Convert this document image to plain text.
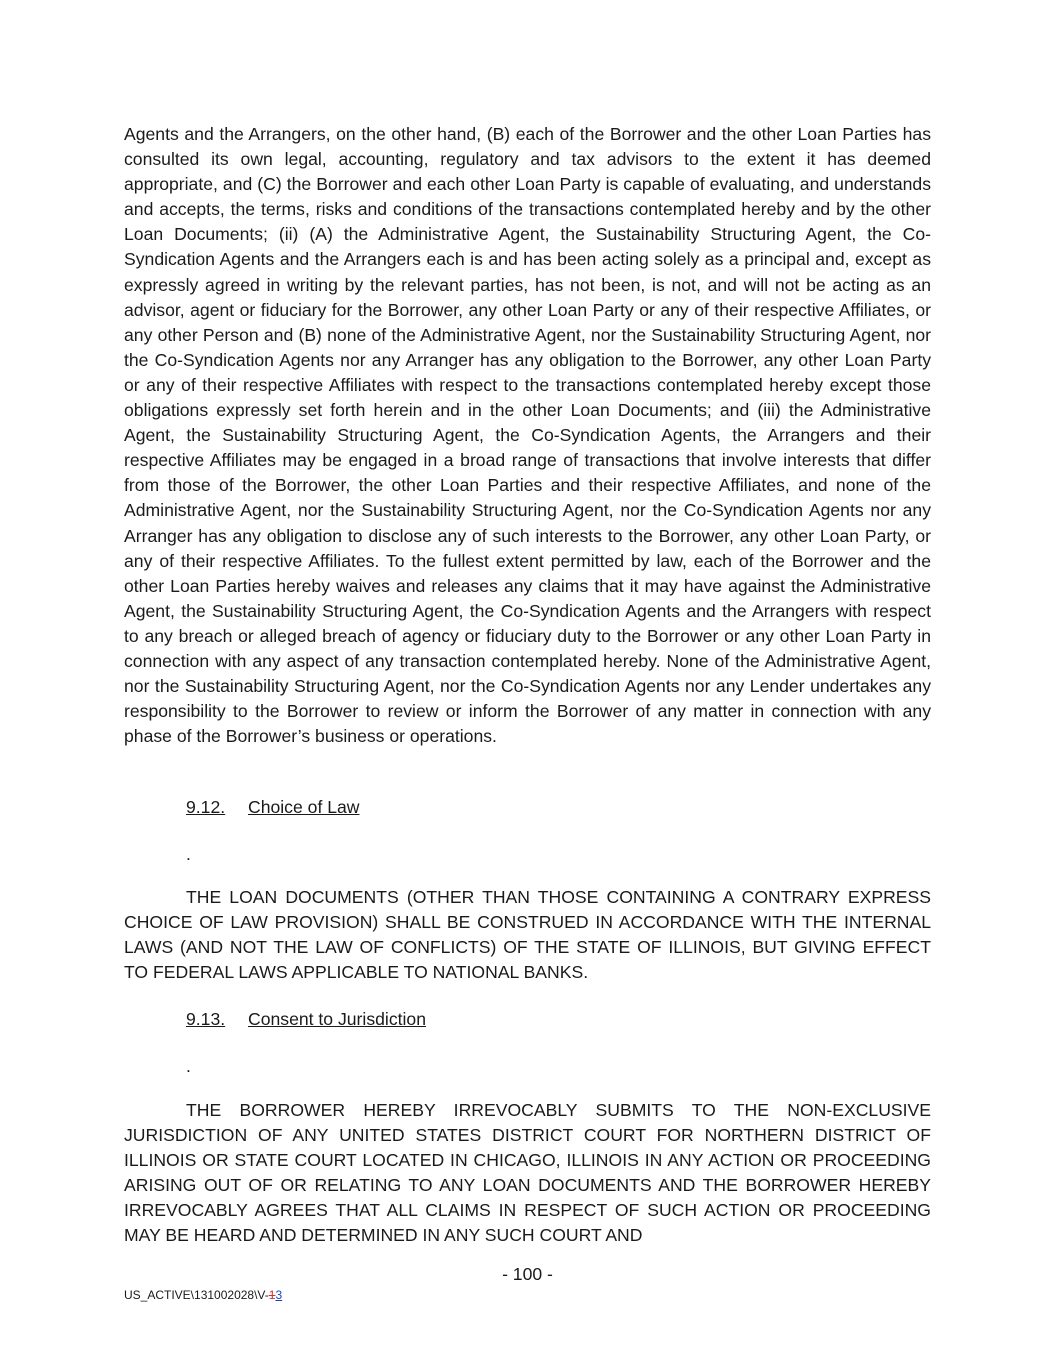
Agents and the Arrangers, on the other hand, (B) each of the Borrower and the other Loan Parties has consulted its own legal, accounting, regulatory and tax advisors to the extent it has deemed appropriate, and (C) the Borrower and each other Loan Party is capable of evaluating, and understands and accepts, the terms, risks and conditions of the transactions contemplated hereby and by the other Loan Documents; (ii) (A) the Administrative Agent, the Sustainability Structuring Agent, the Co-Syndication Agents and the Arrangers each is and has been acting solely as a principal and, except as expressly agreed in writing by the relevant parties, has not been, is not, and will not be acting as an advisor, agent or fiduciary for the Borrower, any other Loan Party or any of their respective Affiliates, or any other Person and (B) none of the Administrative Agent, nor the Sustainability Structuring Agent, nor the Co-Syndication Agents nor any Arranger has any obligation to the Borrower, any other Loan Party or any of their respective Affiliates with respect to the transactions contemplated hereby except those obligations expressly set forth herein and in the other Loan Documents; and (iii) the Administrative Agent, the Sustainability Structuring Agent, the Co-Syndication Agents, the Arrangers and their respective Affiliates may be engaged in a broad range of transactions that involve interests that differ from those of the Borrower, the other Loan Parties and their respective Affiliates, and none of the Administrative Agent, nor the Sustainability Structuring Agent, nor the Co-Syndication Agents nor any Arranger has any obligation to disclose any of such interests to the Borrower, any other Loan Party, or any of their respective Affiliates. To the fullest extent permitted by law, each of the Borrower and the other Loan Parties hereby waives and releases any claims that it may have against the Administrative Agent, the Sustainability Structuring Agent, the Co-Syndication Agents and the Arrangers with respect to any breach or alleged breach of agency or fiduciary duty to the Borrower or any other Loan Party in connection with any aspect of any transaction contemplated hereby. None of the Administrative Agent, nor the Sustainability Structuring Agent, nor the Co-Syndication Agents nor any Lender undertakes any responsibility to the Borrower to review or inform the Borrower of any matter in connection with any phase of the Borrower’s business or operations.

9.12. Choice of Law
.

THE LOAN DOCUMENTS (OTHER THAN THOSE CONTAINING A CONTRARY EXPRESS CHOICE OF LAW PROVISION) SHALL BE CONSTRUED IN ACCORDANCE WITH THE INTERNAL LAWS (AND NOT THE LAW OF CONFLICTS) OF THE STATE OF ILLINOIS, BUT GIVING EFFECT TO FEDERAL LAWS APPLICABLE TO NATIONAL BANKS.

9.13. Consent to Jurisdiction
.

THE BORROWER HEREBY IRREVOCABLY SUBMITS TO THE NON-EXCLUSIVE JURISDICTION OF ANY UNITED STATES DISTRICT COURT FOR NORTHERN DISTRICT OF ILLINOIS OR STATE COURT LOCATED IN CHICAGO, ILLINOIS IN ANY ACTION OR PROCEEDING ARISING OUT OF OR RELATING TO ANY LOAN DOCUMENTS AND THE BORROWER HEREBY IRREVOCABLY AGREES THAT ALL CLAIMS IN RESPECT OF SUCH ACTION OR PROCEEDING MAY BE HEARD AND DETERMINED IN ANY SUCH COURT AND

- 100 -
US_ACTIVE\131002028\V-13
